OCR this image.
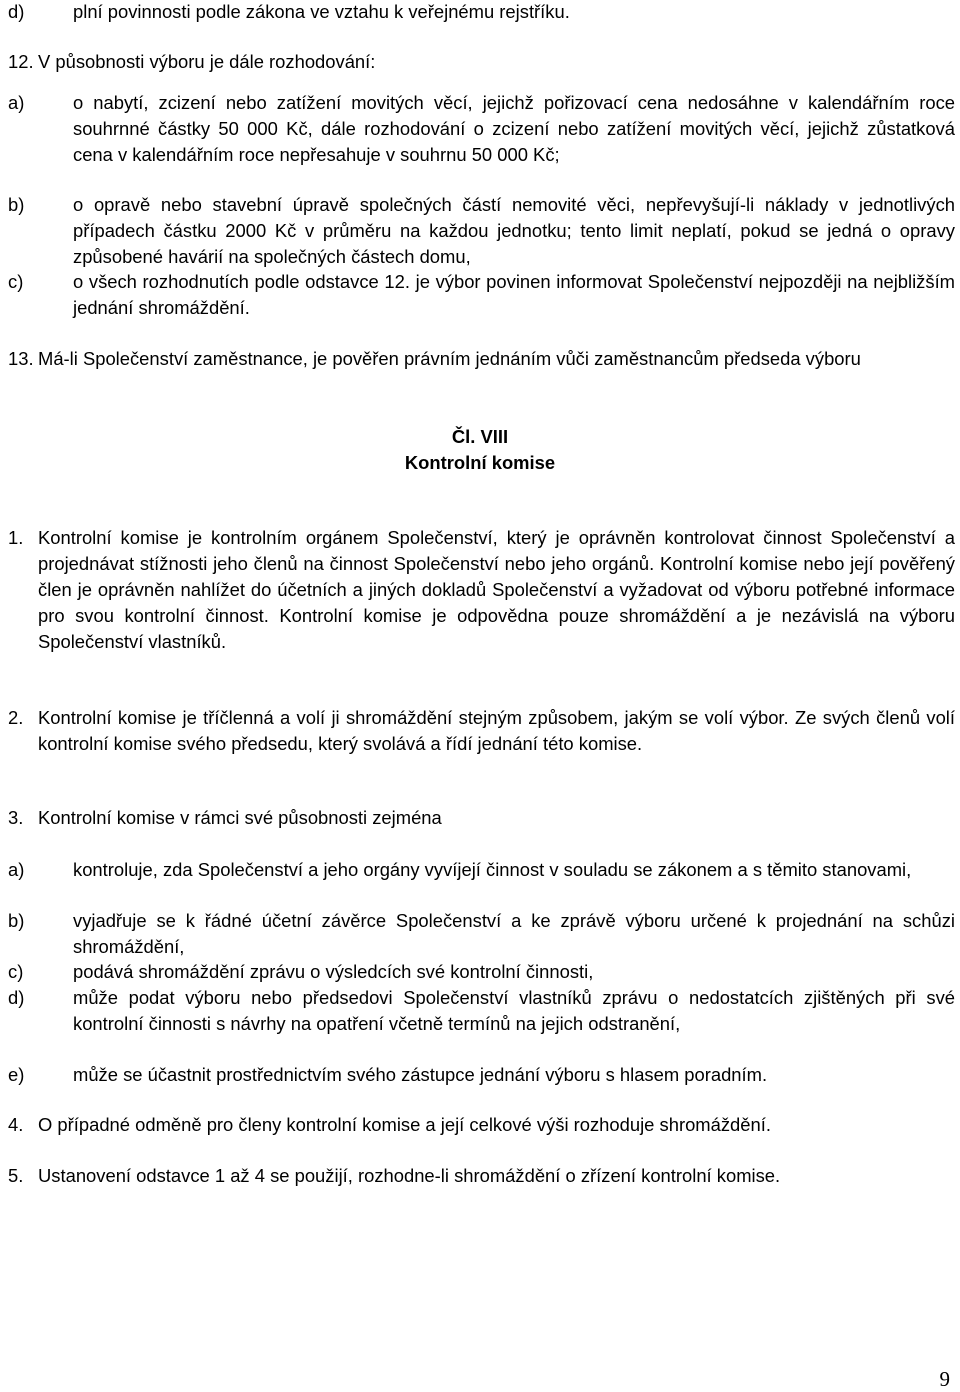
d)	plní povinnosti podle zákona ve vztahu k veřejnému rejstříku.
12. V působnosti výboru je dále rozhodování:
a)	o nabytí, zcizení nebo zatížení movitých věcí, jejichž pořizovací cena nedosáhne v kalendářním roce souhrnné částky 50 000 Kč, dále rozhodování o zcizení nebo zatížení movitých věcí, jejichž zůstatková cena v kalendářním roce nepřesahuje v souhrnu 50 000 Kč;
b)	o opravě nebo stavební úpravě společných částí nemovité věci, nepřevyšují-li náklady v jednotlivých případech částku 2000 Kč v průměru na každou jednotku; tento limit neplatí, pokud se jedná o opravy způsobené havárií na společných částech domu,
c)	o všech rozhodnutích podle odstavce 12. je výbor povinen informovat Společenství nejpozději na nejbližším jednání shromáždění.
13. Má-li Společenství zaměstnance, je pověřen právním jednáním vůči zaměstnancům předseda výboru
Čl. VIII
Kontrolní komise
1. Kontrolní komise je kontrolním orgánem Společenství, který je oprávněn kontrolovat činnost Společenství a projednávat stížnosti jeho členů na činnost Společenství nebo jeho orgánů. Kontrolní komise nebo její pověřený člen je oprávněn nahlížet do účetních a jiných dokladů Společenství a vyžadovat od výboru potřebné informace pro svou kontrolní činnost. Kontrolní komise je odpovědna pouze shromáždění a je nezávislá na výboru Společenství vlastníků.
2. Kontrolní komise je tříčlenná a volí ji shromáždění stejným způsobem, jakým se volí výbor. Ze svých členů volí kontrolní komise svého předsedu, který svolává a řídí jednání této komise.
3. Kontrolní komise v rámci své působnosti zejména
a)	kontroluje, zda Společenství a jeho orgány vyvíjejí činnost v souladu se zákonem a s těmito stanovami,
b)	vyjadřuje se k řádné účetní závěrce Společenství a ke zprávě výboru určené k projednání na schůzi shromáždění,
c)	podává shromáždění zprávu o výsledcích své kontrolní činnosti,
d)	může podat výboru nebo předsedovi Společenství vlastníků zprávu o nedostatcích zjištěných při své kontrolní činnosti s návrhy na opatření včetně termínů na jejich odstranění,
e)	může se účastnit prostřednictvím svého zástupce jednání výboru s hlasem poradním.
4. O případné odměně pro členy kontrolní komise a její celkové výši rozhoduje shromáždění.
5. Ustanovení odstavce 1 až 4 se použijí, rozhodne-li shromáždění o zřízení kontrolní komise.
9
